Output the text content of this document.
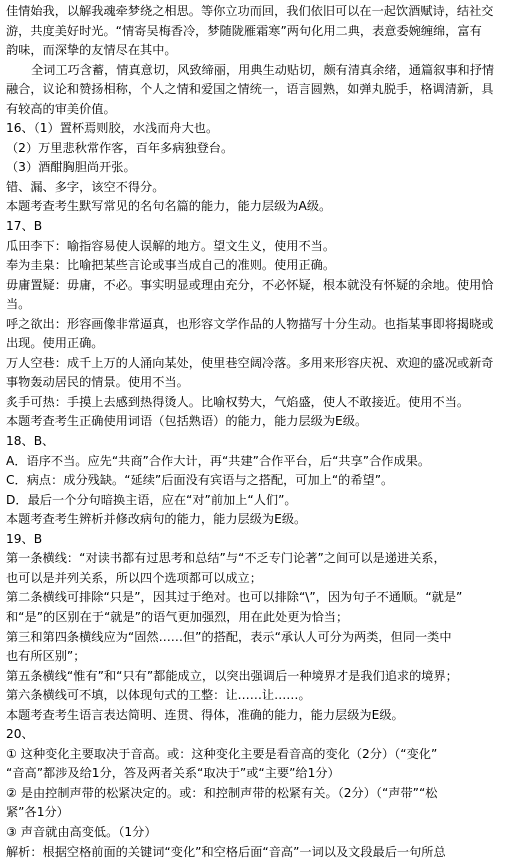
佳情始我，以解我魂牵梦绕之相思。等你立功而回，我们依旧可以在一起饮酒赋诗，结社交
游，共度美好时光。“情寄吴梅香冷，梦随陇雁霜寒”两句化用二典，表意委婉缠绵，富有
韵味，而深挚的友情尽在其中。
全词工巧含蓄，情真意切，风致缔丽，用典生动贴切，颇有清真余绪，通篇叙事和抒情
融合，议论和赞扬相称，个人之情和爱国之情统一，语言圆熟，如弹丸脱手，格调清新，具
有较高的审美价值。
16、（1）置杯焉则胶，水浅而舟大也。
（2）万里悲秋常作客，百年多病独登台。
（3）酒酣胸胆尚开张。
错、漏、多字，该空不得分。
本题考查考生默写常见的名句名篇的能力，能力层级为A级。
17、B
瓜田李下：喻指容易使人误解的地方。望文生义，使用不当。
奉为圭臬：比喻把某些言论或事当成自己的准则。使用正确。
毋庸置疑：毋庸，不必。事实明显或理由充分，不必怀疑，根本就没有怀疑的余地。使用恰
当。
呼之欲出：形容画像非常逼真，也形容文学作品的人物描写十分生动。也指某事即将揭晓或
出现。使用正确。
万人空巷：成千上万的人涌向某处，使里巷空阔冷落。多用来形容庆祝、欢迎的盛况或新奇
事物轰动居民的情景。使用不当。
炙手可热：手摸上去感到热得烫人。比喻权势大，气焰盛，使人不敢接近。使用不当。
本题考查考生正确使用词语（包括熟语）的能力，能力层级为E级。
18、B、
A．语序不当。应先“共商”合作大计，再“共建”合作平台，后“共享”合作成果。
C．病点：成分残缺。“延续”后面没有宾语与之搭配，可加上“的希望”。
D．最后一个分句暗换主语，应在“对”前加上“人们”。
本题考查考生辨析并修改病句的能力，能力层级为E级。
19、B
第一条横线：“对读书都有过思考和总结”与“不乏专门论著”之间可以是递进关系，
也可以是并列关系，所以四个选项都可以成立；
第二条横线可排除“只是”，因其过于绝对。也可以排除“\”，因为句子不通顺。“就是”
和“是”的区别在于“就是”的语气更加强烈，用在此处更为恰当；
第三和第四条横线应为“固然……但”的搭配，表示“承认人可分为两类，但同一类中
也有所区别”；
第五条横线“惟有”和“只有”都能成立，以突出强调后一种境界才是我们追求的境界；
第六条横线可不填，以体现句式的工整：让……让……。
本题考查考生语言表达简明、连贯、得体，准确的能力，能力层级为E级。
20、
① 这种变化主要取决于音高。或：这种变化主要是看音高的变化（2分）（“变化”
“音高”都涉及给1分，答及两者关系“取决于”或“主要”给1分）
② 是由控制声带的松紧决定的。或：和控制声带的松紧有关。（2分）（“声带”“松
紧”各1分）
③ 声音就由高变低。（1分）
解析：根据空格前面的关键词“变化”和空格后面“音高”一词以及文段最后一句所总
